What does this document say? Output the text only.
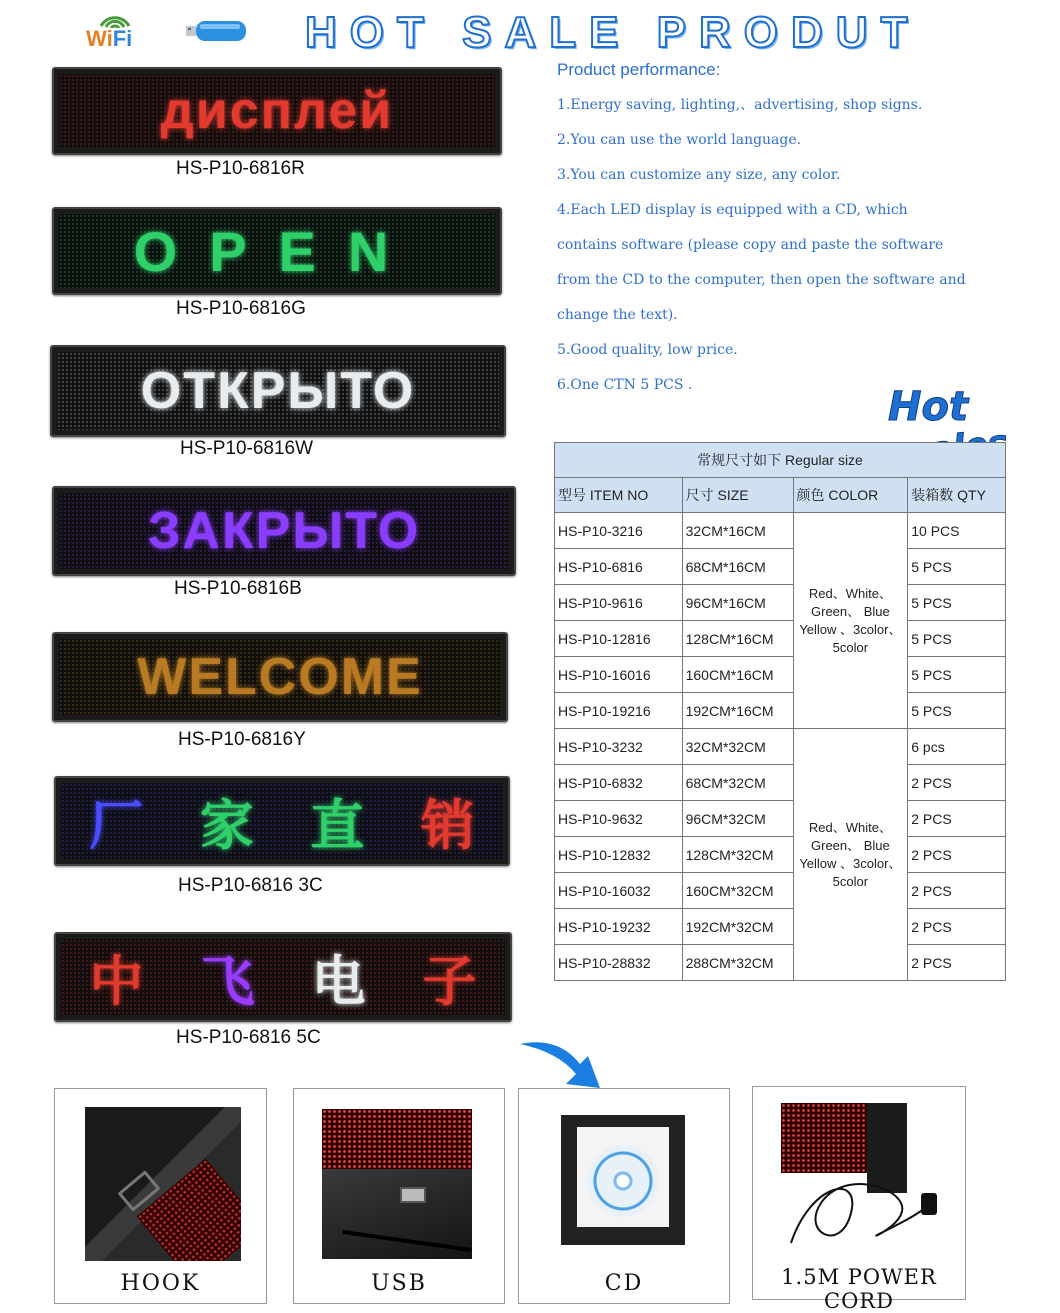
WiFi	HOT SALE PRODUT
дисплей
HS-P10-6816R
OPEN
HS-P10-6816G
ОТКРЫТО
HS-P10-6816W
ЗАКРЫТО
HS-P10-6816B
WELCOME
HS-P10-6816Y
厂 家 直 销
HS-P10-6816 3C
中 飞 电 子
HS-P10-6816 5C
Product performance:
1.Energy saving, lighting,、advertising, shop signs.
2.You can use the world language.
3.You can customize any size, any color.
4.Each LED display is equipped with a CD, which
contains software (please copy and paste the software
from the CD to the computer, then open the software and
change the text).
5.Good quality, low price.
6.One CTN 5 PCS .	Hot
常规尺寸如下 Regular size			
型号 ITEM NO	尺寸 SIZE	颜色 COLOR	装箱数 QTY
HS-P10-3216	32CM*16CM	Red、White、
Green、 Blue
Yellow 、3color、
5color	10 PCS
HS-P10-6816	68CM*16CM		5 PCS
HS-P10-9616	96CM*16CM		5 PCS
HS-P10-12816	128CM*16CM		5 PCS
HS-P10-16016	160CM*16CM		5 PCS
HS-P10-19216	192CM*16CM		5 PCS
HS-P10-3232	32CM*32CM	Red、White、
Green、 Blue
Yellow 、3color、
5color	6 pcs
HS-P10-6832	68CM*32CM		2 PCS
HS-P10-9632	96CM*32CM		2 PCS
HS-P10-12832	128CM*32CM		2 PCS
HS-P10-16032	160CM*32CM		2 PCS
HS-P10-19232	192CM*32CM		2 PCS
HS-P10-28832	288CM*32CM		2 PCS
HOOK	USB	CD	1.5M POWER CORD
